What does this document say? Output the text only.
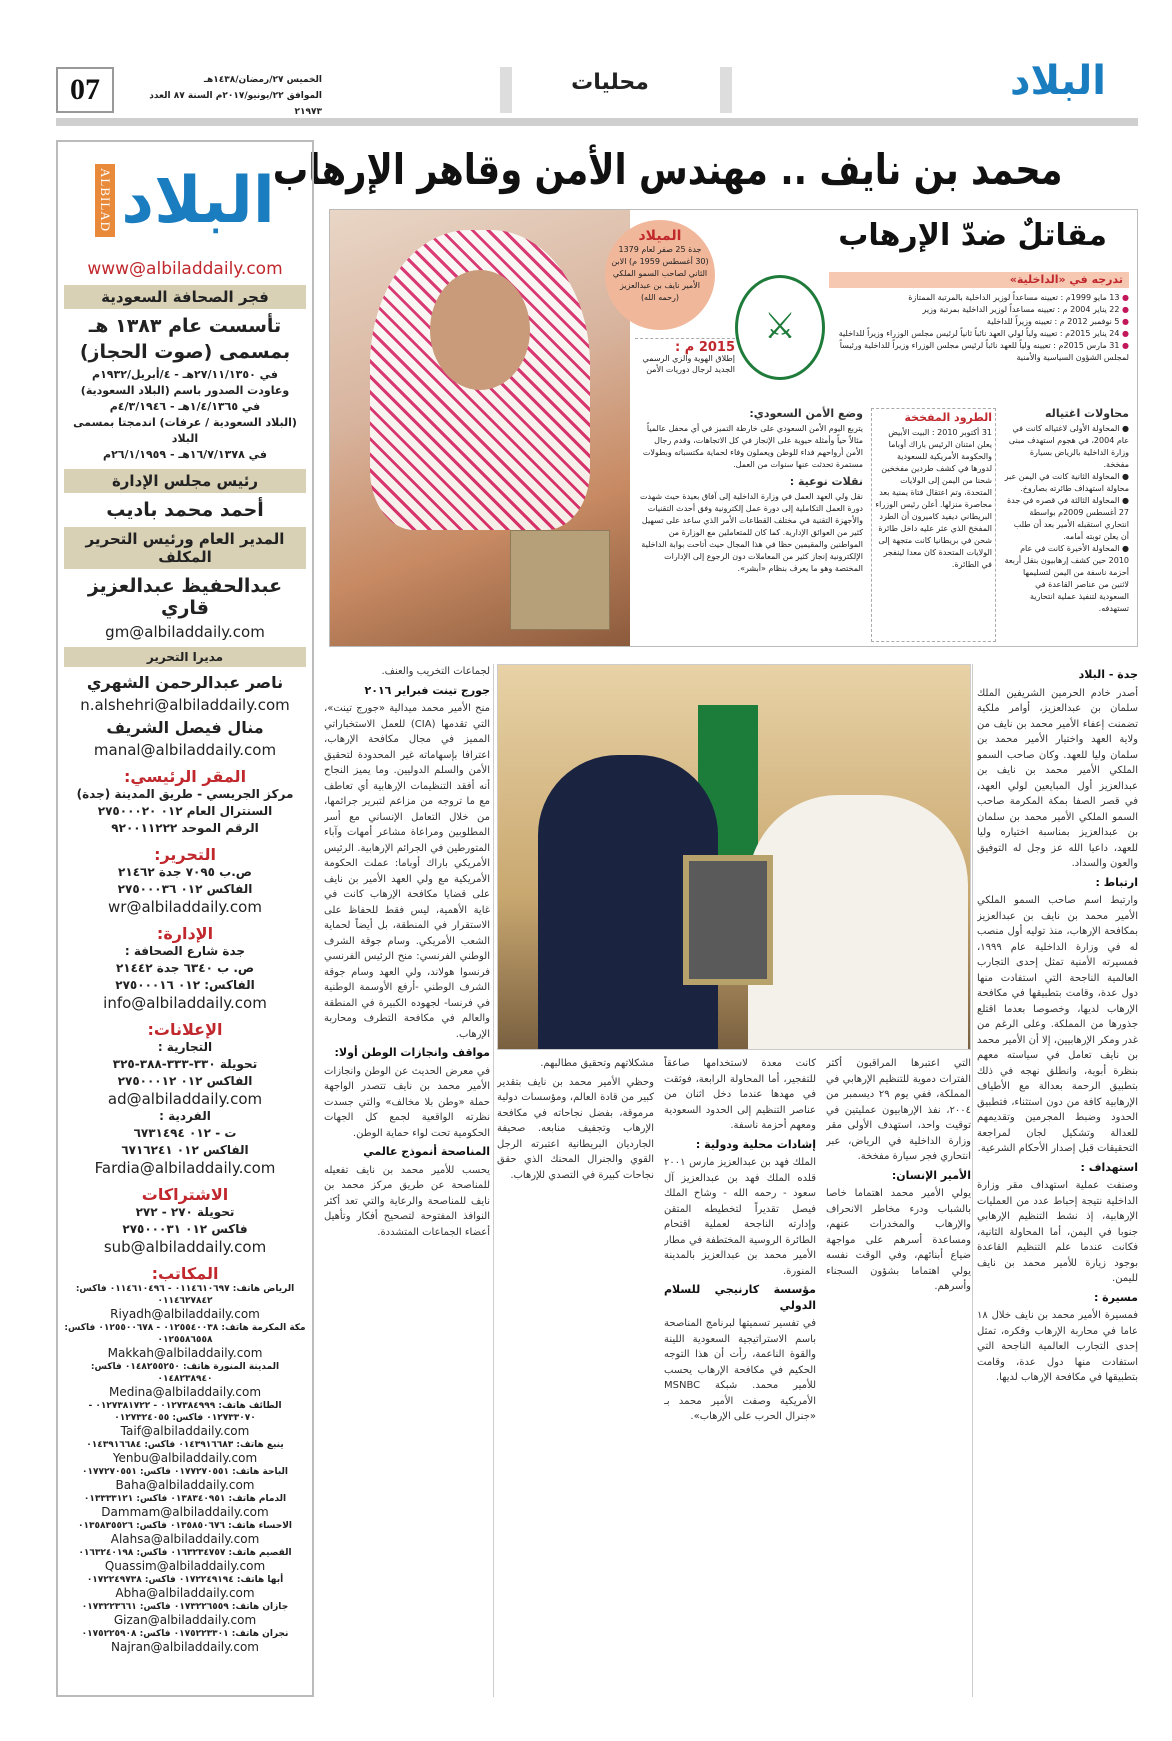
07	الخميس ٢٧/رمضان/١٤٣٨هـ
الموافق ٢٢/يونيو/٢٠١٧م السنة ٨٧ العدد ٢١٩٧٣
محليات	البلاد
محمد بن نايف .. مهندس الأمن وقاهر الإرهاب
البلاد
ALBILAD
www@albiladdaily.com
فجر الصحافة السعودية
تأسست عام ١٣٨٣ هـ
بمسمى (صوت الحجاز)
في ٢٧/١١/١٣٥٠هـ - ٤/أبريل/١٩٣٢م
وعاودت الصدور باسم (البلاد السعودية)
في ١/٤/١٣٦٥هـ - ٤/٣/١٩٤٦م
(البلاد السعودية / عرفات) اندمجتا بمسمى البلاد
في ١٦/٧/١٣٧٨هـ - ٢٦/١/١٩٥٩م
رئيس مجلس الإدارة
أحمد محمد باديب
المدير العام ورئيس التحرير المكلف
عبدالحفيظ عبدالعزيز قاري
gm@albiladdaily.com
مديرا التحرير
ناصر عبدالرحمن الشهري
n.alshehri@albiladdaily.com
منال فيصل الشريف
manal@albiladdaily.com
المقر الرئيسي:
مركز الجريسي - طريق المدينة (جدة)
السنترال العام ٠١٢ ٢٧٥٠٠٠٢٠
الرقم الموحد ٩٢٠٠١١٢٢٢
التحرير:
ص.ب ٧٠٩٥ جدة ٢١٤٦٢
الفاكس ٠١٢ ٢٧٥٠٠٠٣٦
wr@albiladdaily.com
الإدارة:
جدة شارع الصحافة :
ص. ب ٦٣٤٠ جدة ٢١٤٤٢
الفاكس: ٠١٢ ٢٧٥٠٠٠١٦
info@albiladdaily.com
الإعلانات:
التجارية :
تحويلة ٣٣٠-٣٣٣-٣٨٨-٣٢٥
الفاكس ٠١٢ ٢٧٥٠٠٠١٢
ad@albiladdaily.com
الفردية :
ت - ٠١٢ ٦٧٣١٤٩٤
الفاكس ٠١٢ ٦٧١٦٢٤١
Fardia@albiladdaily.com
الاشتراكات
تحويلة ٢٧٠ - ٢٧٢
فاكس ٠١٢ ٢٧٥٠٠٠٣١
sub@albiladdaily.com
المكاتب:
الرياض هاتف: ٠١١٤٦١٠٦٩٧ - ٠١١٤٦١٠٤٩٦ فاكس: ٠١١٤٦٢٧٨٤٢
Riyadh@albiladdaily.com
مكة المكرمة هاتف: ٠١٢٥٥٤٠٠٣٨ - ٠١٢٥٥٠٠٦٧٨ فاكس: ٠١٢٥٥٨٦٥٥٨
Makkah@albiladdaily.com
المدينة المنورة هاتف: ٠١٤٨٢٥٥٢٥٠ فاكس: ٠١٤٨٢٣٨٩٤٠
Medina@albiladdaily.com
الطائف هاتف: ٠١٢٧٣٨٤٩٩٩ - ٠١٢٧٣٨١٧٢٢ - ٠١٢٧٣٣٠٧٠ فاكس: ٠١٢٧٣٢٤٠٥٥
Taif@albiladdaily.com
ينبع هاتف: ٠١٤٣٩١٦٦٨٣ فاكس: ٠١٤٣٩١٦٦٨٤
Yenbu@albiladdaily.com
الباحة هاتف: ٠١٧٧٢٧٠٥٥١ فاكس: ٠١٧٧٢٧٠٥٥١
Baha@albiladdaily.com
الدمام هاتف: ٠١٣٨٣٤٠٩٥١ فاكس: ٠١٣٣٣٣١٢١
Dammam@albiladdaily.com
الاحساء هاتف: ٠١٣٥٨٥٠٦٧٦ فاكس: ٠١٣٥٨٣٥٥٢٦
Alahsa@albiladdaily.com
القصيم هاتف: ٠١٦٣٢٣٤٧٥٧ فاكس: ٠١٦٣٢٤٠١٩٨
Quassim@albiladdaily.com
أبها هاتف: ٠١٧٢٢٤٩١٩٤ فاكس: ٠١٧٢٢٤٩٧٣٨
Abha@albiladdaily.com
جازان هاتف: ٠١٧٣٢٢٦٥٥٩ فاكس: ٠١٧٣٢٢٣٦٦١
Gizan@albiladdaily.com
نجران هاتف: ٠١٧٥٢٢٣٣٠١ فاكس: ٠١٧٥٢٢٥٩٠٨
Najran@albiladdaily.com
مقاتلٌ ضدّ الإرهاب
الميلاد
جدة 25 صفر لعام 1379 (30 أغسطس 1959 م) الابن الثاني لصاحب السمو الملكي الأمير نايف بن عبدالعزيز (رحمه الله)
2015 م :
إطلاق الهوية والزي الرسمي الجديد لرجال دوريات الأمن
⚔
تدرجه في «الداخلية»
● 13 مايو 1999م : تعيينه مساعداً لوزير الداخلية بالمرتبة الممتازة
● 22 يناير 2004 م : تعيينه مساعداً لوزير الداخلية بمرتبة وزير
● 5 نوفمبر 2012 م : تعيينه وزيراً للداخلية
● 24 يناير 2015م : تعيينه ولياً لولي العهد نائباً ثانياً لرئيس مجلس الوزراء وزيراً للداخلية
● 31 مارس 2015م : تعيينه ولياً للعهد نائباً لرئيس مجلس الوزراء وزيراً للداخلية ورئيساً لمجلس الشؤون السياسية والأمنية
محاولات اغتياله
● المحاولة الأولى لاغتياله كانت في عام 2004، في هجوم استهدف مبنى وزارة الداخلية بالرياض بسيارة مفخخة.
● المحاولة الثانية كانت في اليمن عبر محاولة استهداف طائرته بصاروخ.
● المحاولة الثالثة في قصره في جدة 27 أغسطس 2009م بواسطة انتحاري استقبله الأمير بعد أن طلب أن يعلن توبته أمامه.
● المحاولة الأخيرة كانت في عام 2010 حين كشف إرهابيون بنقل أربعة أحزمة ناسفة من اليمن لتسليمها لاثنين من عناصر القاعدة في السعودية لتنفيذ عملية انتحارية تستهدفه.
الطرود المفخخة
31 أكتوبر 2010 : البيت الأبيض يعلن امتنان الرئيس باراك أوباما والحكومة الأمريكية للسعودية لدورها في كشف طردين مفخخين شحنا من اليمن إلى الولايات المتحدة، وتم اعتقال فتاة يمنية بعد محاصرة منزلها. أعلن رئيس الوزراء البريطاني ديفيد كاميرون أن الطرد المفخخ الذي عثر عليه داخل طائرة شحن في بريطانيا كانت متجهة إلى الولايات المتحدة كان معدا لينفجر في الطائرة.
وضع الأمن السعودي:
يتربع اليوم الأمن السعودي على خارطة التميز في أي محفل عالمياً مثالاً حياً وأمثلة حيوية على الإنجاز في كل الاتجاهات، وقدم رجال الأمن أرواحهم فداء للوطن ويعملون وفاء لحماية مكتسباته وبطولات مستمرة تحدثت عنها سنوات من العمل.
نقلات نوعية :
نقل ولي العهد العمل في وزارة الداخلية إلى آفاق بعيدة حيث شهدت دورة العمل التكاملية إلى دورة عمل إلكترونية وفق أحدث التقنيات والأجهزة التقنية في مختلف القطاعات الأمر الذي ساعد على تسهيل كثير من العوائق الإدارية. كما كان للمتعاملين مع الوزارة من المواطنين والمقيمين حظا في هذا المجال حيث أتاحت بوابة الداخلية الإلكترونية إنجاز كثير من المعاملات دون الرجوع إلى الإدارات المختصة وهو ما يعرف بنظام «أبشر».
جدة - البلاد

أصدر خادم الحرمين الشريفين الملك سلمان بن عبدالعزيز، أوامر ملكية تضمنت إعفاء الأمير محمد بن نايف من ولاية العهد واختيار الأمير محمد بن سلمان وليا للعهد. وكان صاحب السمو الملكي الأمير محمد بن نايف بن عبدالعزيز أول المبايعين لولي العهد، في قصر الصفا بمكة المكرمة صاحب السمو الملكي الأمير محمد بن سلمان بن عبدالعزيز بمناسبة اختياره وليا للعهد، داعيا الله عز وجل له التوفيق والعون والسداد.

ارتباط :

وارتبط اسم صاحب السمو الملكي الأمير محمد بن نايف بن عبدالعزيز بمكافحة الإرهاب، منذ توليه أول منصب له في وزارة الداخلية عام ١٩٩٩، فمسيرته الأمنية تمثل إحدى التجارب العالمية الناجحة التي استفادت منها دول عدة، وقامت بتطبيقها في مكافحة الإرهاب لديها، وخصوصا بعدما اقتلع جذورها من المملكة. وعلى الرغم من غدر ومكر الإرهابيين، إلا أن الأمير محمد بن نايف تعامل في سياسته معهم بنظرة أبوية، وانطلق نهجه في ذلك بتطبيق الرحمة بعدالة مع الأطياف الإرهابية كافة من دون استثناء، فتطبيق الحدود وضبط المجرمين وتقديمهم للعدالة وتشكيل لجان لمراجعة التحقيقات قبل إصدار الأحكام الشرعية.

استهداف :

وصنفت عملية استهداف مقر وزارة الداخلية نتيجة إحباط عدد من العمليات الإرهابية، إذ نشط التنظيم الإرهابي جنوبا في اليمن، أما المحاولة الثانية، فكانت عندما علم التنظيم القاعدة بوجود زيارة للأمير محمد بن نايف لليمن.

مسيرة :

فمسيرة الأمير محمد بن نايف خلال ١٨ عاما في محاربة الإرهاب وفكره، تمثل إحدى التجارب العالمية الناجحة التي استفادت منها دول عدة، وقامت بتطبيقها في مكافحة الإرهاب لديها.

التي اعتبرها المراقبون أكثر الفترات دموية للتنظيم الإرهابي في المملكة، ففي يوم ٢٩ ديسمبر من ٢٠٠٤، نفذ الإرهابيون عمليتين في توقيت واحد، استهدف الأولى مقر وزارة الداخلية في الرياض، عبر انتحاري فجر سيارة مفخخة.

الأمير الإنسان:

يولي الأمير محمد اهتماما خاصا بالشباب ودرء مخاطر الانحراف والإرهاب والمخدرات عنهم، ومساعدة أسرهم على مواجهة ضياع أبنائهم، وفي الوقت نفسه يولي اهتماما بشؤون السجناء وأسرهم.

كانت معدة لاستخدامها صاعقاً للتفجير، أما المحاولة الرابعة، فوثقت في مهدها عندما دخل اثنان من عناصر التنظيم إلى الحدود السعودية ومعهم أحزمة ناسفة.

إشادات محلية ودولية :

الملك فهد بن عبدالعزيز مارس ٢٠٠١ قلده الملك فهد بن عبدالعزيز آل سعود - رحمه الله - وشاح الملك فيصل تقديراً لتخطيطه المتقن وإدارته الناجحة لعملية اقتحام الطائرة الروسية المختطفة في مطار الأمير محمد بن عبدالعزيز بالمدينة المنورة.

مؤسسة كارنيجي للسلام الدولي

في تفسير تسميتها لبرنامج المناصحة باسم الاستراتيجية السعودية اللينة والقوة الناعمة، رأت أن هذا التوجه الحكيم في مكافحة الإرهاب يحسب للأمير محمد. شبكة MSNBC الأمريكية وصفت الأمير محمد بـ «جنرال الحرب على الإرهاب».

مشكلاتهم وتحقيق مطالبهم.

وحظي الأمير محمد بن نايف بتقدير كبير من قادة العالم، ومؤسسات دولية مرموقة، بفضل نجاحاته في مكافحة الإرهاب وتجفيف منابعه. صحيفة الجارديان البريطانية اعتبرته الرجل القوي والجنرال المحنك الذي حقق نجاحات كبيرة في التصدي للإرهاب.

لجماعات التخريب والعنف.

جورج تينت فبراير ٢٠١٦

منح الأمير محمد ميدالية «جورج تينت»، التي تقدمها (CIA) للعمل الاستخباراتي المميز في مجال مكافحة الإرهاب، اعترافا بإسهاماته غير المحدودة لتحقيق الأمن والسلم الدوليين. وما يميز النجاح أنه أفقد التنظيمات الإرهابية أي تعاطف مع ما تروجه من مزاعم لتبرير جرائمها، من خلال التعامل الإنساني مع أسر المطلوبين ومراعاة مشاعر أمهات وآباء المتورطين في الجرائم الإرهابية. الرئيس الأمريكي باراك أوباما: عملت الحكومة الأمريكية مع ولي العهد الأمير بن نايف على قضايا مكافحة الإرهاب كانت في غاية الأهمية، ليس فقط للحفاظ على الاستقرار في المنطقة، بل أيضاً لحماية الشعب الأمريكي. وسام جوقة الشرف الوطني الفرنسي: منح الرئيس الفرنسي فرنسوا هولاند، ولي العهد وسام جوقة الشرف الوطني -أرفع الأوسمة الوطنية في فرنسا- لجهوده الكبيرة في المنطقة والعالم في مكافحة التطرف ومحاربة الإرهاب.

مواقف وانجازات الوطن أولا:

في معرض الحديث عن الوطن وانجازات الأمير محمد بن نايف تتصدر الواجهة حملة «وطن بلا مخالف» والتي جسدت نظرته الواقعية لجمع كل الجهات الحكومية تحت لواء حماية الوطن.

المناصحة أنموذج عالمي

يحسب للأمير محمد بن نايف تفعيله للمناصحة عن طريق مركز محمد بن نايف للمناصحة والرعاية والتي تعد أكثر النوافذ المفتوحة لتصحيح أفكار وتأهيل أعضاء الجماعات المتشددة.
